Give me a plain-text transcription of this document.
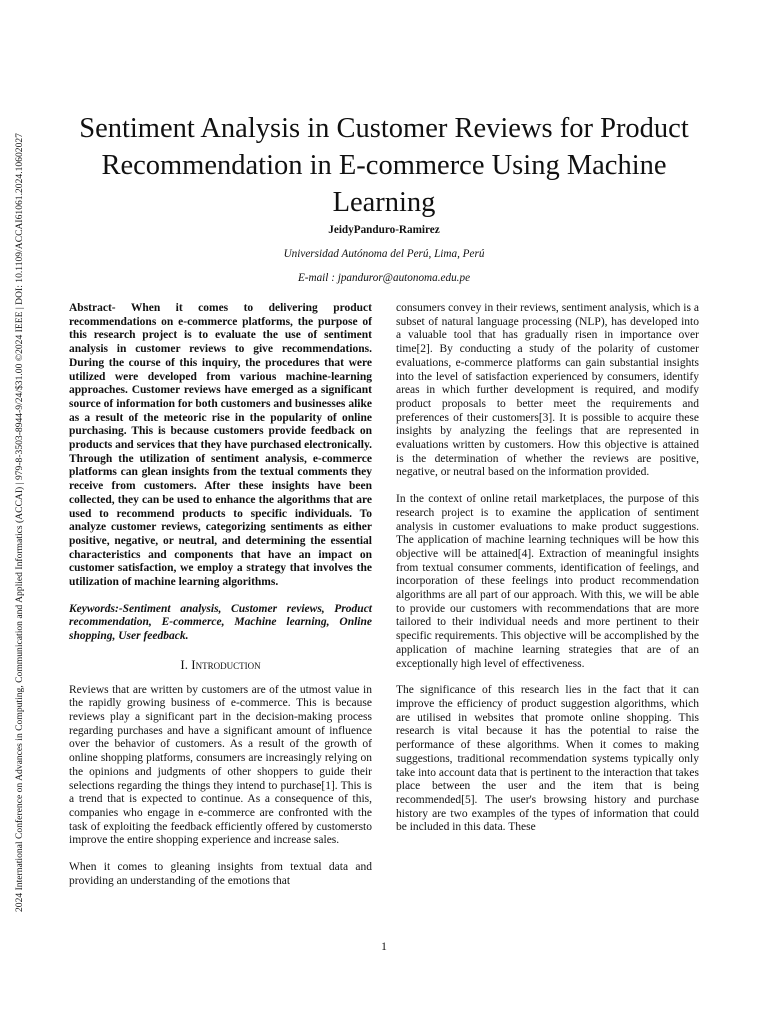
2024 International Conference on Advances in Computing, Communication and Applied Informatics (ACCAI) | 979-8-3503-8944-9/24/$31.00 ©2024 IEEE | DOI: 10.1109/ACCAI61061.2024.10602027
Sentiment Analysis in Customer Reviews for Product Recommendation in E-commerce Using Machine Learning
JeidyPanduro-Ramirez
Universidad Autónoma del Perú, Lima, Perú
E-mail : jpanduror@autonoma.edu.pe

Abstract- When it comes to delivering product recommendations on e-commerce platforms, the purpose of this research project is to evaluate the use of sentiment analysis in customer reviews to give recommendations. During the course of this inquiry, the procedures that were utilized were developed from various machine-learning approaches. Customer reviews have emerged as a significant source of information for both customers and businesses alike as a result of the meteoric rise in the popularity of online purchasing. This is because customers provide feedback on products and services that they have purchased electronically. Through the utilization of sentiment analysis, e-commerce platforms can glean insights from the textual comments they receive from customers. After these insights have been collected, they can be used to enhance the algorithms that are used to recommend products to specific individuals. To analyze customer reviews, categorizing sentiments as either positive, negative, or neutral, and determining the essential characteristics and components that have an impact on customer satisfaction, we employ a strategy that involves the utilization of machine learning algorithms.

Keywords:-Sentiment analysis, Customer reviews, Product recommendation, E-commerce, Machine learning, Online shopping, User feedback.

I. Introduction

Reviews that are written by customers are of the utmost value in the rapidly growing business of e-commerce. This is because reviews play a significant part in the decision-making process regarding purchases and have a significant amount of influence over the behavior of customers. As a result of the growth of online shopping platforms, consumers are increasingly relying on the opinions and judgments of other shoppers to guide their selections regarding the things they intend to purchase[1]. This is a trend that is expected to continue. As a consequence of this, companies who engage in e-commerce are confronted with the task of exploiting the feedback efficiently offered by customersto improve the entire shopping experience and increase sales.

When it comes to gleaning insights from textual data and providing an understanding of the emotions that

consumers convey in their reviews, sentiment analysis, which is a subset of natural language processing (NLP), has developed into a valuable tool that has gradually risen in importance over time[2]. By conducting a study of the polarity of customer evaluations, e-commerce platforms can gain substantial insights into the level of satisfaction experienced by consumers, identify areas in which further development is required, and modify product proposals to better meet the requirements and preferences of their customers[3]. It is possible to acquire these insights by analyzing the feelings that are represented in evaluations written by customers. How this objective is attained is the determination of whether the reviews are positive, negative, or neutral based on the information provided.

In the context of online retail marketplaces, the purpose of this research project is to examine the application of sentiment analysis in customer evaluations to make product suggestions. The application of machine learning techniques will be how this objective will be attained[4]. Extraction of meaningful insights from textual consumer comments, identification of feelings, and incorporation of these feelings into product recommendation algorithms are all part of our approach. With this, we will be able to provide our customers with recommendations that are more tailored to their individual needs and more pertinent to their specific requirements. This objective will be accomplished by the application of machine learning strategies that are of an exceptionally high level of effectiveness.

The significance of this research lies in the fact that it can improve the efficiency of product suggestion algorithms, which are utilised in websites that promote online shopping. This research is vital because it has the potential to raise the performance of these algorithms. When it comes to making suggestions, traditional recommendation systems typically only take into account data that is pertinent to the interaction that takes place between the user and the item that is being recommended[5]. The user's browsing history and purchase history are two examples of the types of information that could be included in this data. These

1
